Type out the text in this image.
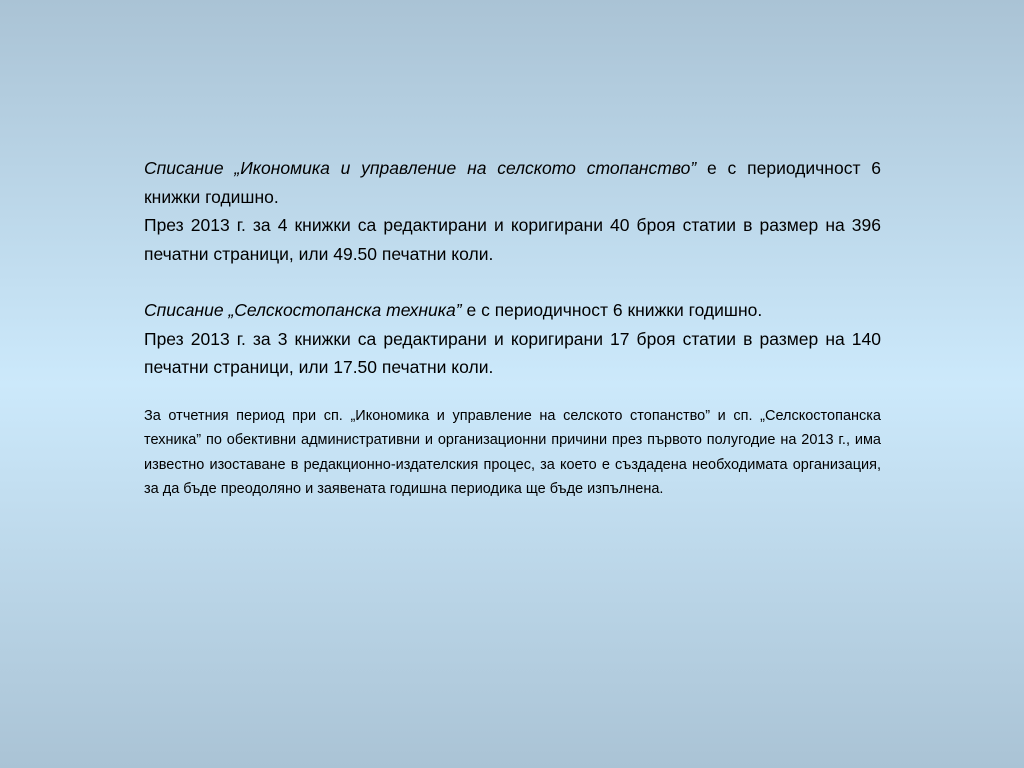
Списание „Икономика и управление на селското стопанство” е с периодичност 6 книжки годишно.

През 2013 г. за 4 книжки са редактирани и коригирани 40 броя статии в размер на 396 печатни страници, или 49.50 печатни коли.

Списание „Селскостопанска техника” е с периодичност 6 книжки годишно.

През 2013 г. за 3 книжки са редактирани и коригирани 17 броя статии в размер на 140 печатни страници, или 17.50 печатни коли.

За отчетния период при сп. „Икономика и управление на селското стопанство” и сп. „Селскостопанска техника” по обективни административни и организационни причини през първото полугодие на 2013 г., има известно изоставане в редакционно-издателския процес, за което е създадена необходимата организация, за да бъде преодоляно и заявената годишна периодика ще бъде изпълнена.
